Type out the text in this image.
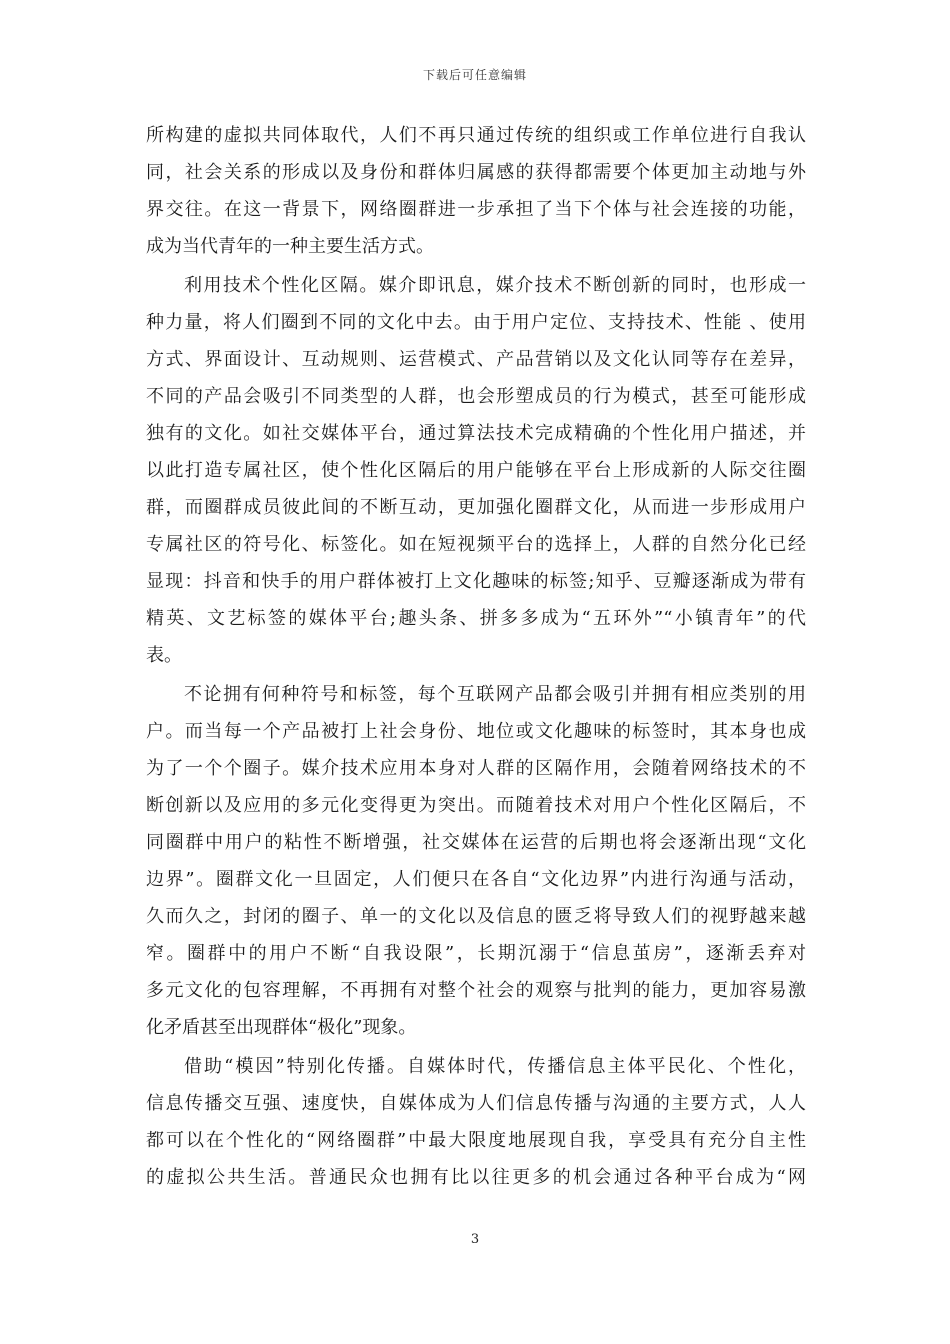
下载后可任意编辑
所构建的虚拟共同体取代，人们不再只通过传统的组织或工作单位进行自我认
同，社会关系的形成以及身份和群体归属感的获得都需要个体更加主动地与外
界交往。在这一背景下，网络圈群进一步承担了当下个体与社会连接的功能，
成为当代青年的一种主要生活方式。
利用技术个性化区隔。媒介即讯息，媒介技术不断创新的同时，也形成一
种力量，将人们圈到不同的文化中去。由于用户定位、支持技术、性能 、使用
方式、界面设计、互动规则、运营模式、产品营销以及文化认同等存在差异，
不同的产品会吸引不同类型的人群，也会形塑成员的行为模式，甚至可能形成
独有的文化。如社交媒体平台，通过算法技术完成精确的个性化用户描述，并
以此打造专属社区，使个性化区隔后的用户能够在平台上形成新的人际交往圈
群，而圈群成员彼此间的不断互动，更加强化圈群文化，从而进一步形成用户
专属社区的符号化、标签化。如在短视频平台的选择上，人群的自然分化已经
显现：抖音和快手的用户群体被打上文化趣味的标签;知乎、豆瓣逐渐成为带有
精英、文艺标签的媒体平台;趣头条、拼多多成为“五环外”“小镇青年”的代
表。
不论拥有何种符号和标签，每个互联网产品都会吸引并拥有相应类别的用
户。而当每一个产品被打上社会身份、地位或文化趣味的标签时，其本身也成
为了一个个圈子。媒介技术应用本身对人群的区隔作用，会随着网络技术的不
断创新以及应用的多元化变得更为突出。而随着技术对用户个性化区隔后，不
同圈群中用户的粘性不断增强，社交媒体在运营的后期也将会逐渐出现“文化
边界”。圈群文化一旦固定，人们便只在各自“文化边界”内进行沟通与活动，
久而久之，封闭的圈子、单一的文化以及信息的匮乏将导致人们的视野越来越
窄。圈群中的用户不断“自我设限”，长期沉溺于“信息茧房”，逐渐丢弃对
多元文化的包容理解，不再拥有对整个社会的观察与批判的能力，更加容易激
化矛盾甚至出现群体“极化”现象。
借助“模因”特别化传播。自媒体时代，传播信息主体平民化、个性化，
信息传播交互强、速度快，自媒体成为人们信息传播与沟通的主要方式，人人
都可以在个性化的“网络圈群”中最大限度地展现自我，享受具有充分自主性
的虚拟公共生活。普通民众也拥有比以往更多的机会通过各种平台成为“网
3
